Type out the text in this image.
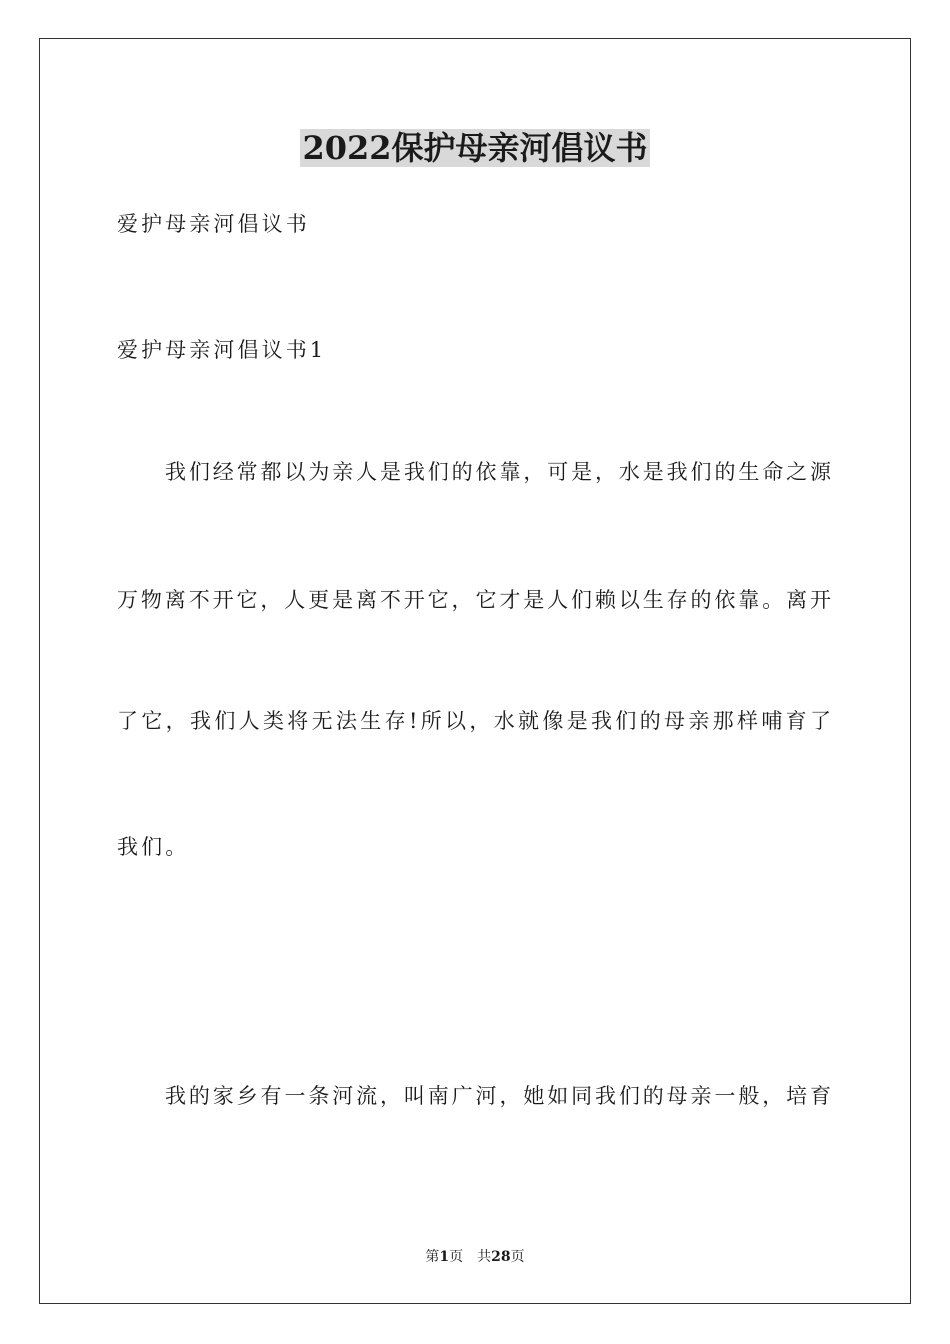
2022保护母亲河倡议书
爱护母亲河倡议书
爱护母亲河倡议书1
我们经常都以为亲人是我们的依靠，可是，水是我们的生命之源
万物离不开它，人更是离不开它，它才是人们赖以生存的依靠。离开
了它，我们人类将无法生存!所以，水就像是我们的母亲那样哺育了
我们。
我的家乡有一条河流，叫南广河，她如同我们的母亲一般，培育
第1页　共28页
